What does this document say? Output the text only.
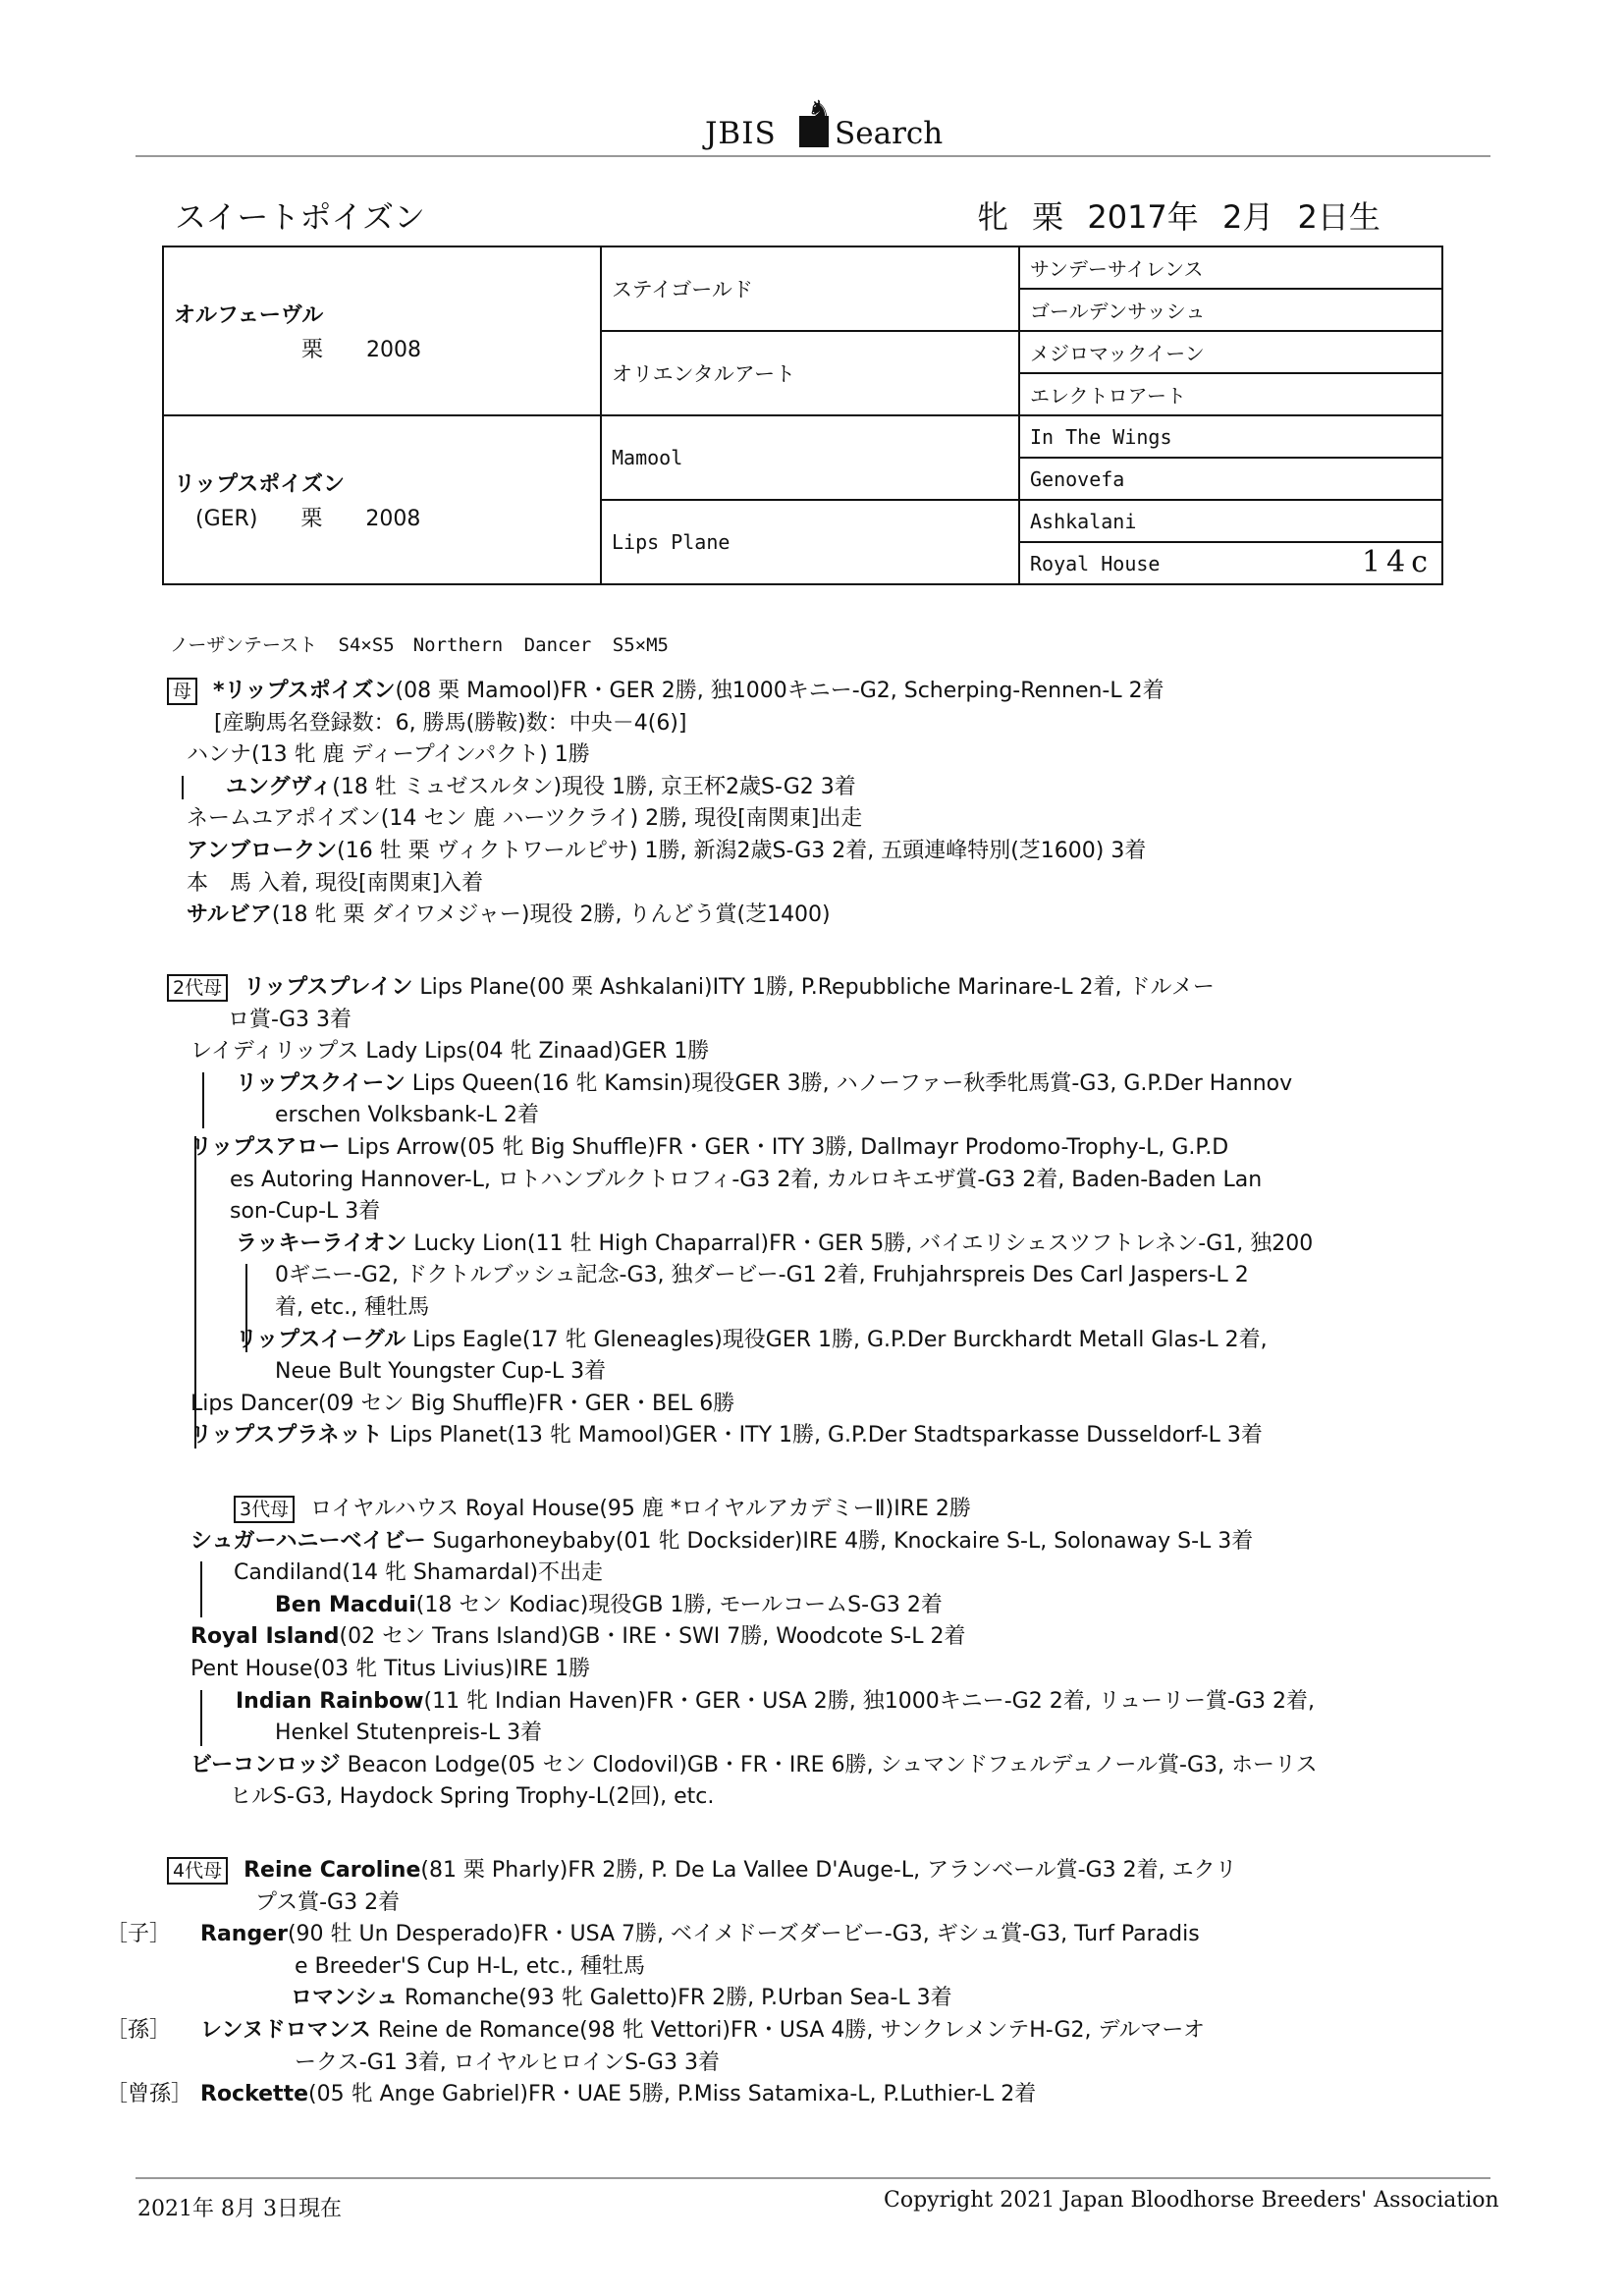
JBIS
♞
Search
スイートポイズン	牝 栗 2017年 2月 2日生
オルフェーヴル
栗　　2008	ステイゴールド	サンデーサイレンス
		ゴールデンサッシュ
	オリエンタルアート	メジロマックイーン
		エレクトロアート

リップスポイズン
(GER)　　栗　　2008	Mamool	In The Wings
		Genovefa
	Lips Plane	Ashkalani
		Royal House 14c
ノーザンテースト S4×S5　Northern Dancer S5×M5
母 *リップスポイズン(08 栗 Mamool)FR・GER 2勝, 独1000キニー-G2, Scherping-Rennen-L 2着
[産駒馬名登録数：6, 勝馬(勝鞍)数：中央－4(6)]
ハンナ(13 牝 鹿 ディープインパクト) 1勝
ユングヴィ(18 牡 ミュゼスルタン)現役 1勝, 京王杯2歳S-G2 3着
ネームユアポイズン(14 セン 鹿 ハーツクライ) 2勝, 現役[南関東]出走
アンブロークン(16 牡 栗 ヴィクトワールピサ) 1勝, 新潟2歳S-G3 2着, 五頭連峰特別(芝1600) 3着
本　馬 入着, 現役[南関東]入着
サルビア(18 牝 栗 ダイワメジャー)現役 2勝, りんどう賞(芝1400)
2代母 リップスプレイン Lips Plane(00 栗 Ashkalani)ITY 1勝, P.Repubbliche Marinare-L 2着, ドルメー
ロ賞-G3 3着
レイディリップス Lady Lips(04 牝 Zinaad)GER 1勝
リップスクイーン Lips Queen(16 牝 Kamsin)現役GER 3勝, ハノーファー秋季牝馬賞-G3, G.P.Der Hannov
erschen Volksbank-L 2着
リップスアロー Lips Arrow(05 牝 Big Shuffle)FR・GER・ITY 3勝, Dallmayr Prodomo-Trophy-L, G.P.D
es Autoring Hannover-L, ロトハンブルクトロフィ-G3 2着, カルロキエザ賞-G3 2着, Baden-Baden Lan
son-Cup-L 3着
ラッキーライオン Lucky Lion(11 牡 High Chaparral)FR・GER 5勝, バイエリシェスツフトレネン-G1, 独200
0ギニー-G2, ドクトルブッシュ記念-G3, 独ダービー-G1 2着, Fruhjahrspreis Des Carl Jaspers-L 2
着, etc., 種牡馬
リップスイーグル Lips Eagle(17 牝 Gleneagles)現役GER 1勝, G.P.Der Burckhardt Metall Glas-L 2着,
Neue Bult Youngster Cup-L 3着
Lips Dancer(09 セン Big Shuffle)FR・GER・BEL 6勝
リップスプラネット Lips Planet(13 牝 Mamool)GER・ITY 1勝, G.P.Der Stadtsparkasse Dusseldorf-L 3着
3代母 ロイヤルハウス Royal House(95 鹿 *ロイヤルアカデミーⅡ)IRE 2勝
シュガーハニーベイビー Sugarhoneybaby(01 牝 Docksider)IRE 4勝, Knockaire S-L, Solonaway S-L 3着
Candiland(14 牝 Shamardal)不出走
Ben Macdui(18 セン Kodiac)現役GB 1勝, モールコームS-G3 2着
Royal Island(02 セン Trans Island)GB・IRE・SWI 7勝, Woodcote S-L 2着
Pent House(03 牝 Titus Livius)IRE 1勝
Indian Rainbow(11 牝 Indian Haven)FR・GER・USA 2勝, 独1000キニー-G2 2着, リューリー賞-G3 2着,
Henkel Stutenpreis-L 3着
ビーコンロッジ Beacon Lodge(05 セン Clodovil)GB・FR・IRE 6勝, シュマンドフェルデュノール賞-G3, ホーリス
ヒルS-G3, Haydock Spring Trophy-L(2回), etc.
4代母 Reine Caroline(81 栗 Pharly)FR 2勝, P. De La Vallee D'Auge-L, アランベール賞-G3 2着, エクリ
プス賞-G3 2着
［子］ Ranger(90 牡 Un Desperado)FR・USA 7勝, ベイメドーズダービー-G3, ギシュ賞-G3, Turf Paradis
e Breeder'S Cup H-L, etc., 種牡馬
ロマンシュ Romanche(93 牝 Galetto)FR 2勝, P.Urban Sea-L 3着
［孫］ レンヌドロマンス Reine de Romance(98 牝 Vettori)FR・USA 4勝, サンクレメンテH-G2, デルマーオ
ークス-G1 3着, ロイヤルヒロインS-G3 3着
［曾孫］ Rockette(05 牝 Ange Gabriel)FR・UAE 5勝, P.Miss Satamixa-L, P.Luthier-L 2着
2021年 8月 3日現在	Copyright 2021 Japan Bloodhorse Breeders' Association
